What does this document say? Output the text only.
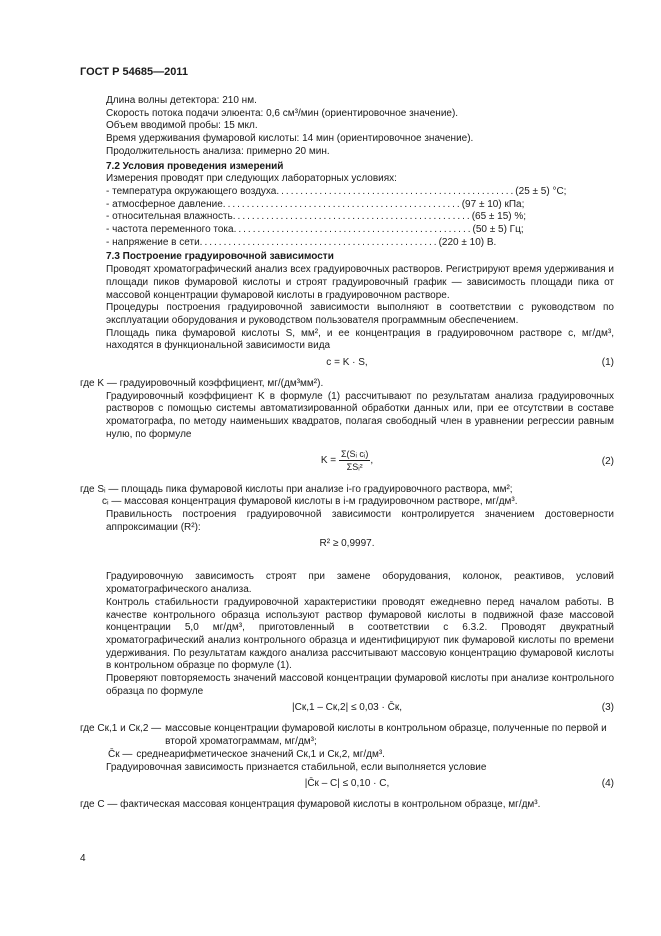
ГОСТ Р 54685—2011

Длина волны детектора: 210 нм.

Скорость потока подачи элюента: 0,6 см³/мин (ориентировочное значение).

Объем вводимой пробы: 15 мкл.

Время удерживания фумаровой кислоты: 14 мин (ориентировочное значение).

Продолжительность анализа: примерно 20 мин.

7.2 Условия проведения измерений

Измерения проводят при следующих лабораторных условиях:

- температура окружающего воздуха .................................................. (25 ± 5) °С;
- атмосферное давление .................................................. (97 ± 10) кПа;
- относительная влажность .................................................. (65 ± 15) %;
- частота переменного тока .................................................. (50 ± 5) Гц;
- напряжение в сети .................................................. (220 ± 10) В.

7.3 Построение градуировочной зависимости

Проводят хроматографический анализ всех градуировочных растворов. Регистрируют время удерживания и площади пиков фумаровой кислоты и строят градуировочный график — зависимость площади пика от массовой концентрации фумаровой кислоты в градуировочном растворе.

Процедуры построения градуировочной зависимости выполняют в соответствии с руководством по эксплуатации оборудования и руководством пользователя программным обеспечением.

Площадь пика фумаровой кислоты S, мм², и ее концентрация в градуировочном растворе с, мг/дм³, находятся в функциональной зависимости вида

c = K · S,	(1)

где K — градуировочный коэффициент, мг/(дм³мм²).

Градуировочный коэффициент K в формуле (1) рассчитывают по результатам анализа градуировочных растворов с помощью системы автоматизированной обработки данных или, при ее отсутствии в составе хроматографа, по методу наименьших квадратов, полагая свободный член в уравнении регрессии равным нулю, по формуле

$K = \frac{\text{Σ(Sᵢ cᵢ)}}{\text{ΣSᵢ²}}$ ,	(2)

где Sᵢ — площадь пика фумаровой кислоты при анализе i-го градуировочного раствора, мм²;

cᵢ — массовая концентрация фумаровой кислоты в i-м градуировочном растворе, мг/дм³.

Правильность построения градуировочной зависимости контролируется значением достоверности аппроксимации (R²):

R² ≥ 0,9997.

Градуировочную зависимость строят при замене оборудования, колонок, реактивов, условий хроматографического анализа.

Контроль стабильности градуировочной характеристики проводят ежедневно перед началом работы. В качестве контрольного образца используют раствор фумаровой кислоты в подвижной фазе массовой концентрации 5,0 мг/дм³, приготовленный в соответствии с 6.3.2. Проводят двукратный хроматографический анализ контрольного образца и идентифицируют пик фумаровой кислоты по времени удерживания. По результатам каждого анализа рассчитывают массовую концентрацию фумаровой кислоты в контрольном образце по формуле (1).

Проверяют повторяемость значений массовой концентрации фумаровой кислоты при анализе контрольного образца по формуле

|Cк,1 – Cк,2| ≤ 0,03 · C̄к,	(3)
где Cк,1 и Cк,2 — массовые концентрации фумаровой кислоты в контрольном образце, полученные по первой и второй хроматограммам, мг/дм³;
C̄к — среднеарифметическое значений Cк,1 и Cк,2, мг/дм³.

Градуировочная зависимость признается стабильной, если выполняется условие

|C̄к – C| ≤ 0,10 · C,	(4)

где C — фактическая массовая концентрация фумаровой кислоты в контрольном образце, мг/дм³.

4
